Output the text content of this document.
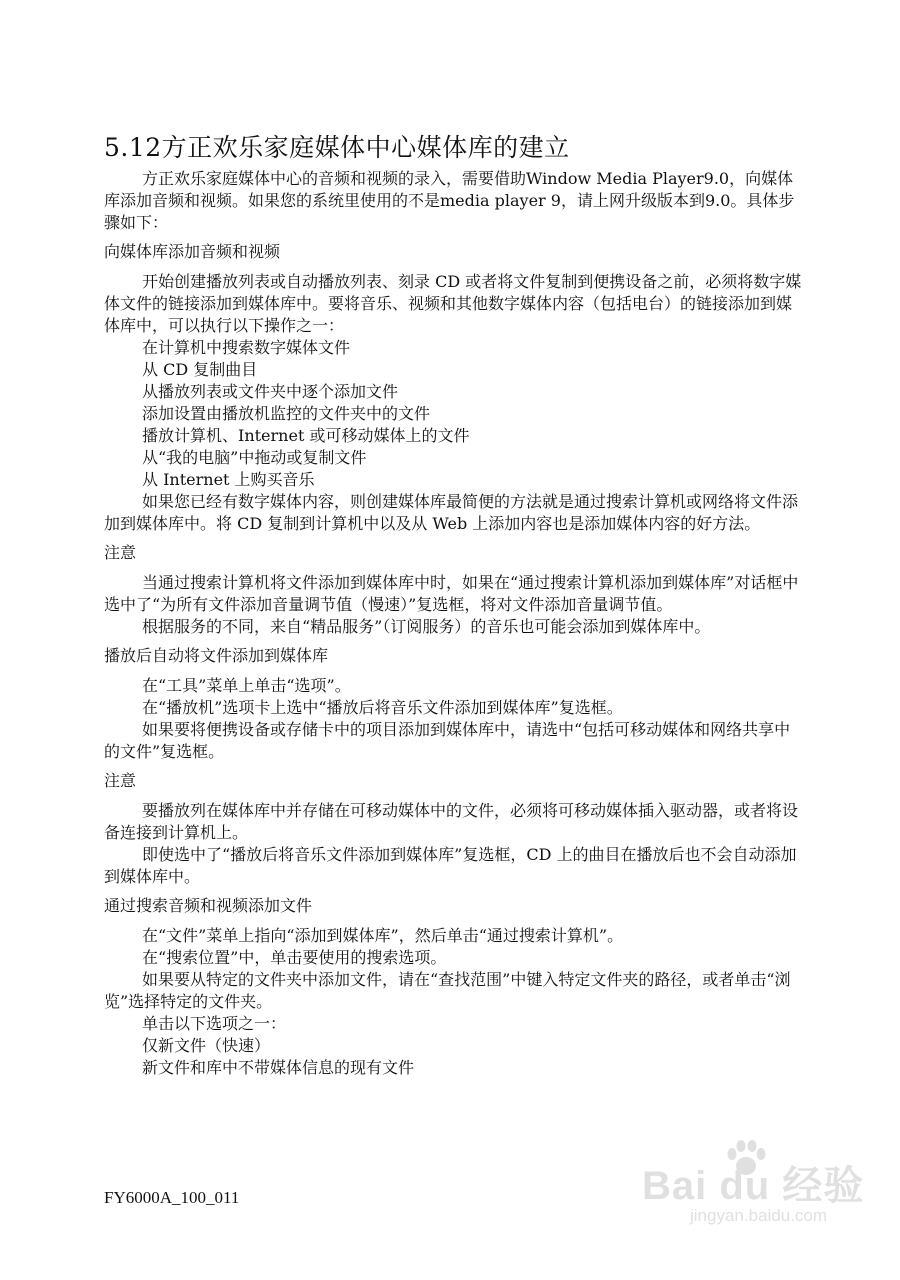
5.12方正欢乐家庭媒体中心媒体库的建立

方正欢乐家庭媒体中心的音频和视频的录入，需要借助Window Media Player9.0，向媒体库添加音频和视频。如果您的系统里使用的不是media player 9，请上网升级版本到9.0。具体步骤如下：

向媒体库添加音频和视频

开始创建播放列表或自动播放列表、刻录 CD 或者将文件复制到便携设备之前，必须将数字媒体文件的链接添加到媒体库中。要将音乐、视频和其他数字媒体内容（包括电台）的链接添加到媒体库中，可以执行以下操作之一：

在计算机中搜索数字媒体文件
从 CD 复制曲目
从播放列表或文件夹中逐个添加文件
添加设置由播放机监控的文件夹中的文件
播放计算机、Internet 或可移动媒体上的文件
从“我的电脑”中拖动或复制文件
从 Internet 上购买音乐

如果您已经有数字媒体内容，则创建媒体库最简便的方法就是通过搜索计算机或网络将文件添加到媒体库中。将 CD 复制到计算机中以及从 Web 上添加内容也是添加媒体内容的好方法。

注意

当通过搜索计算机将文件添加到媒体库中时，如果在“通过搜索计算机添加到媒体库”对话框中选中了“为所有文件添加音量调节值（慢速）”复选框，将对文件添加音量调节值。

根据服务的不同，来自“精品服务”（订阅服务）的音乐也可能会添加到媒体库中。

播放后自动将文件添加到媒体库

在“工具”菜单上单击“选项”。

在“播放机”选项卡上选中“播放后将音乐文件添加到媒体库”复选框。

如果要将便携设备或存储卡中的项目添加到媒体库中，请选中“包括可移动媒体和网络共享中的文件”复选框。

注意

要播放列在媒体库中并存储在可移动媒体中的文件，必须将可移动媒体插入驱动器，或者将设备连接到计算机上。

即使选中了“播放后将音乐文件添加到媒体库”复选框，CD 上的曲目在播放后也不会自动添加到媒体库中。

通过搜索音频和视频添加文件

在“文件”菜单上指向“添加到媒体库”，然后单击“通过搜索计算机”。

在“搜索位置”中，单击要使用的搜索选项。

如果要从特定的文件夹中添加文件，请在“查找范围”中键入特定文件夹的路径，或者单击“浏览”选择特定的文件夹。

单击以下选项之一：
仅新文件（快速）
新文件和库中不带媒体信息的现有文件
FY6000A_100_011	Bai du 经验
jingyan.baidu.com
